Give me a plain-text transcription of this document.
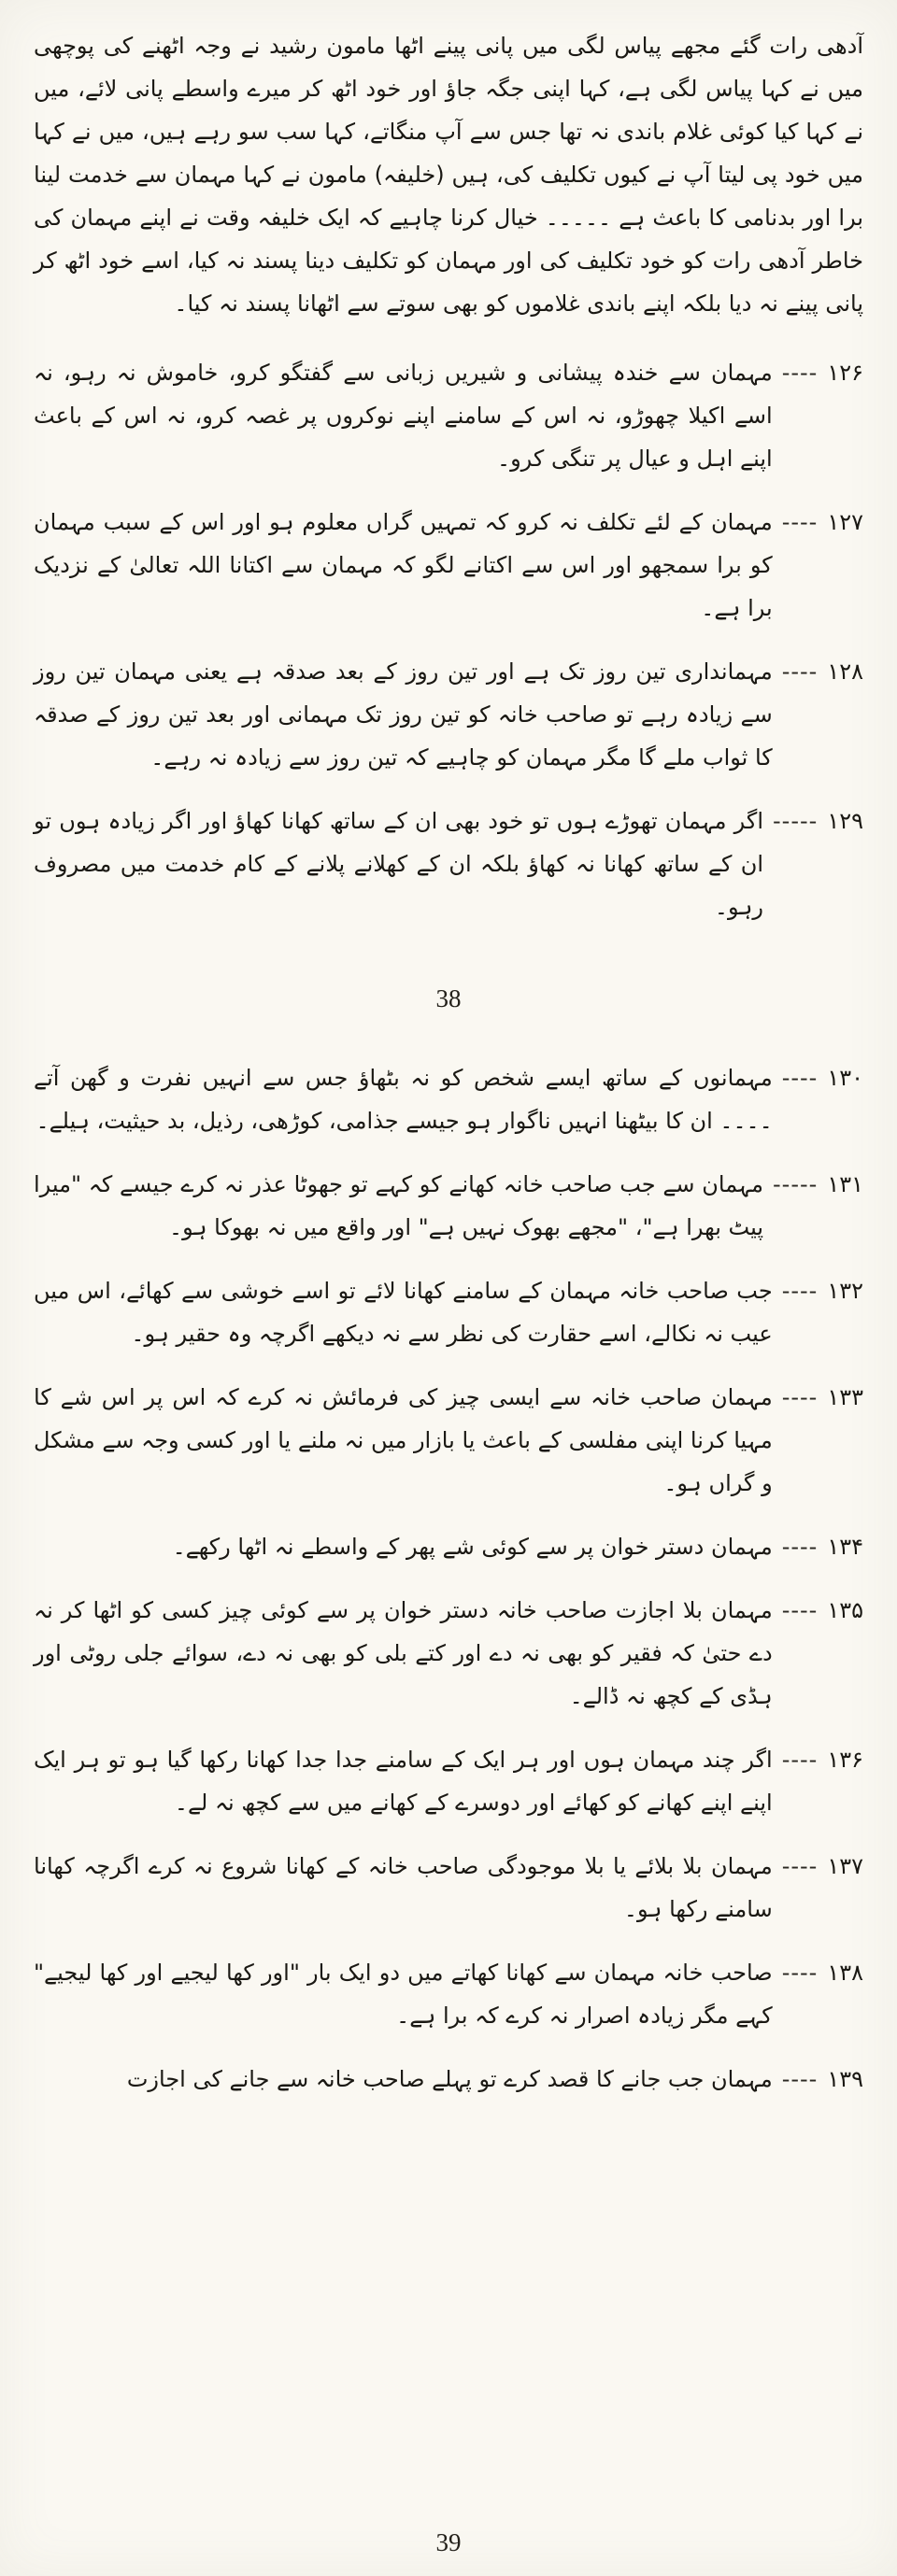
آدھی رات گئے مجھے پیاس لگی میں پانی پینے اٹھا مامون رشید نے وجہ اٹھنے کی پوچھی میں نے کہا پیاس لگی ہے، کہا اپنی جگہ جاؤ اور خود اٹھ کر میرے واسطے پانی لائے، میں نے کہا کیا کوئی غلام باندی نہ تھا جس سے آپ منگاتے، کہا سب سو رہے ہیں، میں نے کہا میں خود پی لیتا آپ نے کیوں تکلیف کی، ہیں (خلیفہ) مامون نے کہا مہمان سے خدمت لینا برا اور بدنامی کا باعث ہے ۔۔۔۔۔ خیال کرنا چاہیے کہ ایک خلیفہ وقت نے اپنے مہمان کی خاطر آدھی رات کو خود تکلیف کی اور مہمان کو تکلیف دینا پسند نہ کیا، اسے خود اٹھ کر پانی پینے نہ دیا بلکہ اپنے باندی غلاموں کو بھی سوتے سے اٹھانا پسند نہ کیا۔

۱۲۶
----

مہمان سے خندہ پیشانی و شیریں زبانی سے گفتگو کرو، خاموش نہ رہو، نہ اسے اکیلا چھوڑو، نہ اس کے سامنے اپنے نوکروں پر غصہ کرو، نہ اس کے باعث اپنے اہل و عیال پر تنگی کرو۔

۱۲۷
----

مہمان کے لئے تکلف نہ کرو کہ تمہیں گراں معلوم ہو اور اس کے سبب مہمان کو برا سمجھو اور اس سے اکتانے لگو کہ مہمان سے اکتانا اللہ تعالیٰ کے نزدیک برا ہے۔

۱۲۸
----

مہمانداری تین روز تک ہے اور تین روز کے بعد صدقہ ہے یعنی مہمان تین روز سے زیادہ رہے تو صاحب خانہ کو تین روز تک مہمانی اور بعد تین روز کے صدقہ کا ثواب ملے گا مگر مہمان کو چاہیے کہ تین روز سے زیادہ نہ رہے۔

۱۲۹
-----

اگر مہمان تھوڑے ہوں تو خود بھی ان کے ساتھ کھانا کھاؤ اور اگر زیادہ ہوں تو ان کے ساتھ کھانا نہ کھاؤ بلکہ ان کے کھلانے پلانے کے کام خدمت میں مصروف رہو۔

38
۱۳۰
----

مہمانوں کے ساتھ ایسے شخص کو نہ بٹھاؤ جس سے انہیں نفرت و گھن آتے ۔۔۔۔ ان کا بیٹھنا انہیں ناگوار ہو جیسے جذامی، کوڑھی، رذیل، بد حیثیت، ہیلے۔

۱۳۱
-----

مہمان سے جب صاحب خانہ کھانے کو کہے تو جھوٹا عذر نہ کرے جیسے کہ "میرا پیٹ بھرا ہے"، "مجھے بھوک نہیں ہے" اور واقع میں نہ بھوکا ہو۔

۱۳۲
----

جب صاحب خانہ مہمان کے سامنے کھانا لائے تو اسے خوشی سے کھائے، اس میں عیب نہ نکالے، اسے حقارت کی نظر سے نہ دیکھے اگرچہ وہ حقیر ہو۔

۱۳۳
----

مہمان صاحب خانہ سے ایسی چیز کی فرمائش نہ کرے کہ اس پر اس شے کا مہیا کرنا اپنی مفلسی کے باعث یا بازار میں نہ ملنے یا اور کسی وجہ سے مشکل و گراں ہو۔

۱۳۴
----

مہمان دستر خوان پر سے کوئی شے پھر کے واسطے نہ اٹھا رکھے۔

۱۳۵
----

مہمان بلا اجازت صاحب خانہ دستر خوان پر سے کوئی چیز کسی کو اٹھا کر نہ دے حتیٰ کہ فقیر کو بھی نہ دے اور کتے بلی کو بھی نہ دے، سوائے جلی روٹی اور ہڈی کے کچھ نہ ڈالے۔

۱۳۶
----

اگر چند مہمان ہوں اور ہر ایک کے سامنے جدا جدا کھانا رکھا گیا ہو تو ہر ایک اپنے اپنے کھانے کو کھائے اور دوسرے کے کھانے میں سے کچھ نہ لے۔

۱۳۷
----

مہمان بلا بلائے یا بلا موجودگی صاحب خانہ کے کھانا شروع نہ کرے اگرچہ کھانا سامنے رکھا ہو۔

۱۳۸
----

صاحب خانہ مہمان سے کھانا کھاتے میں دو ایک بار "اور کھا لیجیے اور کھا لیجیے" کہے مگر زیادہ اصرار نہ کرے کہ برا ہے۔

۱۳۹
----

مہمان جب جانے کا قصد کرے تو پہلے صاحب خانہ سے جانے کی اجازت

39
